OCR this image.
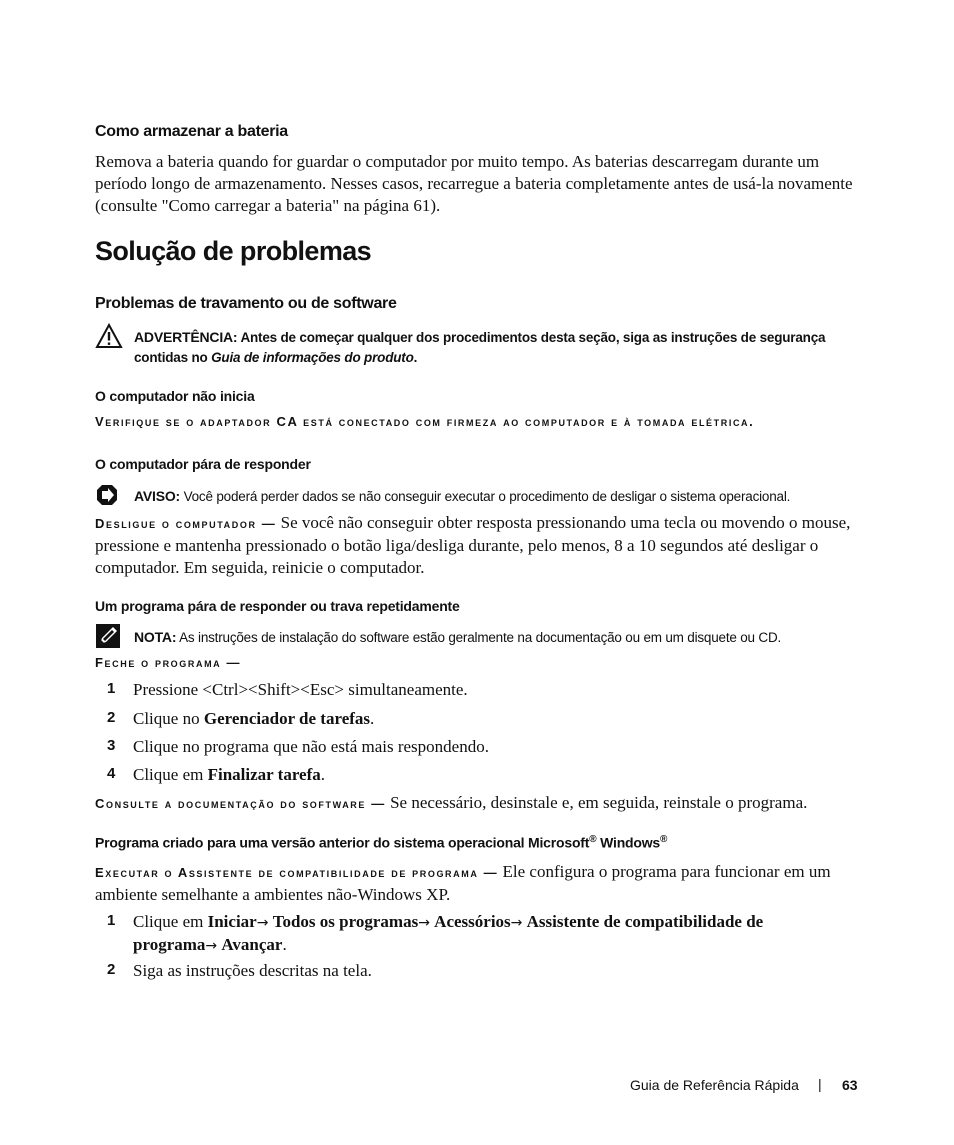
Como armazenar a bateria
Remova a bateria quando for guardar o computador por muito tempo. As baterias descarregam durante um período longo de armazenamento. Nesses casos, recarregue a bateria completamente antes de usá-la novamente (consulte "Como carregar a bateria" na página 61).
Solução de problemas
Problemas de travamento ou de software
ADVERTÊNCIA: Antes de começar qualquer dos procedimentos desta seção, siga as instruções de segurança contidas no Guia de informações do produto.
O computador não inicia
Verifique se o adaptador CA está conectado com firmeza ao computador e à tomada elétrica.
O computador pára de responder
AVISO: Você poderá perder dados se não conseguir executar o procedimento de desligar o sistema operacional.
Desligue o computador — Se você não conseguir obter resposta pressionando uma tecla ou movendo o mouse, pressione e mantenha pressionado o botão liga/desliga durante, pelo menos, 8 a 10 segundos até desligar o computador. Em seguida, reinicie o computador.
Um programa pára de responder ou trava repetidamente
NOTA: As instruções de instalação do software estão geralmente na documentação ou em um disquete ou CD.
Feche o programa —
1	Pressione <Ctrl><Shift><Esc> simultaneamente.
2	Clique no Gerenciador de tarefas.
3	Clique no programa que não está mais respondendo.
4	Clique em Finalizar tarefa.
Consulte a documentação do software — Se necessário, desinstale e, em seguida, reinstale o programa.
Programa criado para uma versão anterior do sistema operacional Microsoft® Windows®
Executar o Assistente de compatibilidade de programa — Ele configura o programa para funcionar em um ambiente semelhante a ambientes não-Windows XP.
1	Clique em Iniciar→ Todos os programas→ Acessórios→ Assistente de compatibilidade de programa→ Avançar.
2	Siga as instruções descritas na tela.
Guia de Referência Rápida | 63
